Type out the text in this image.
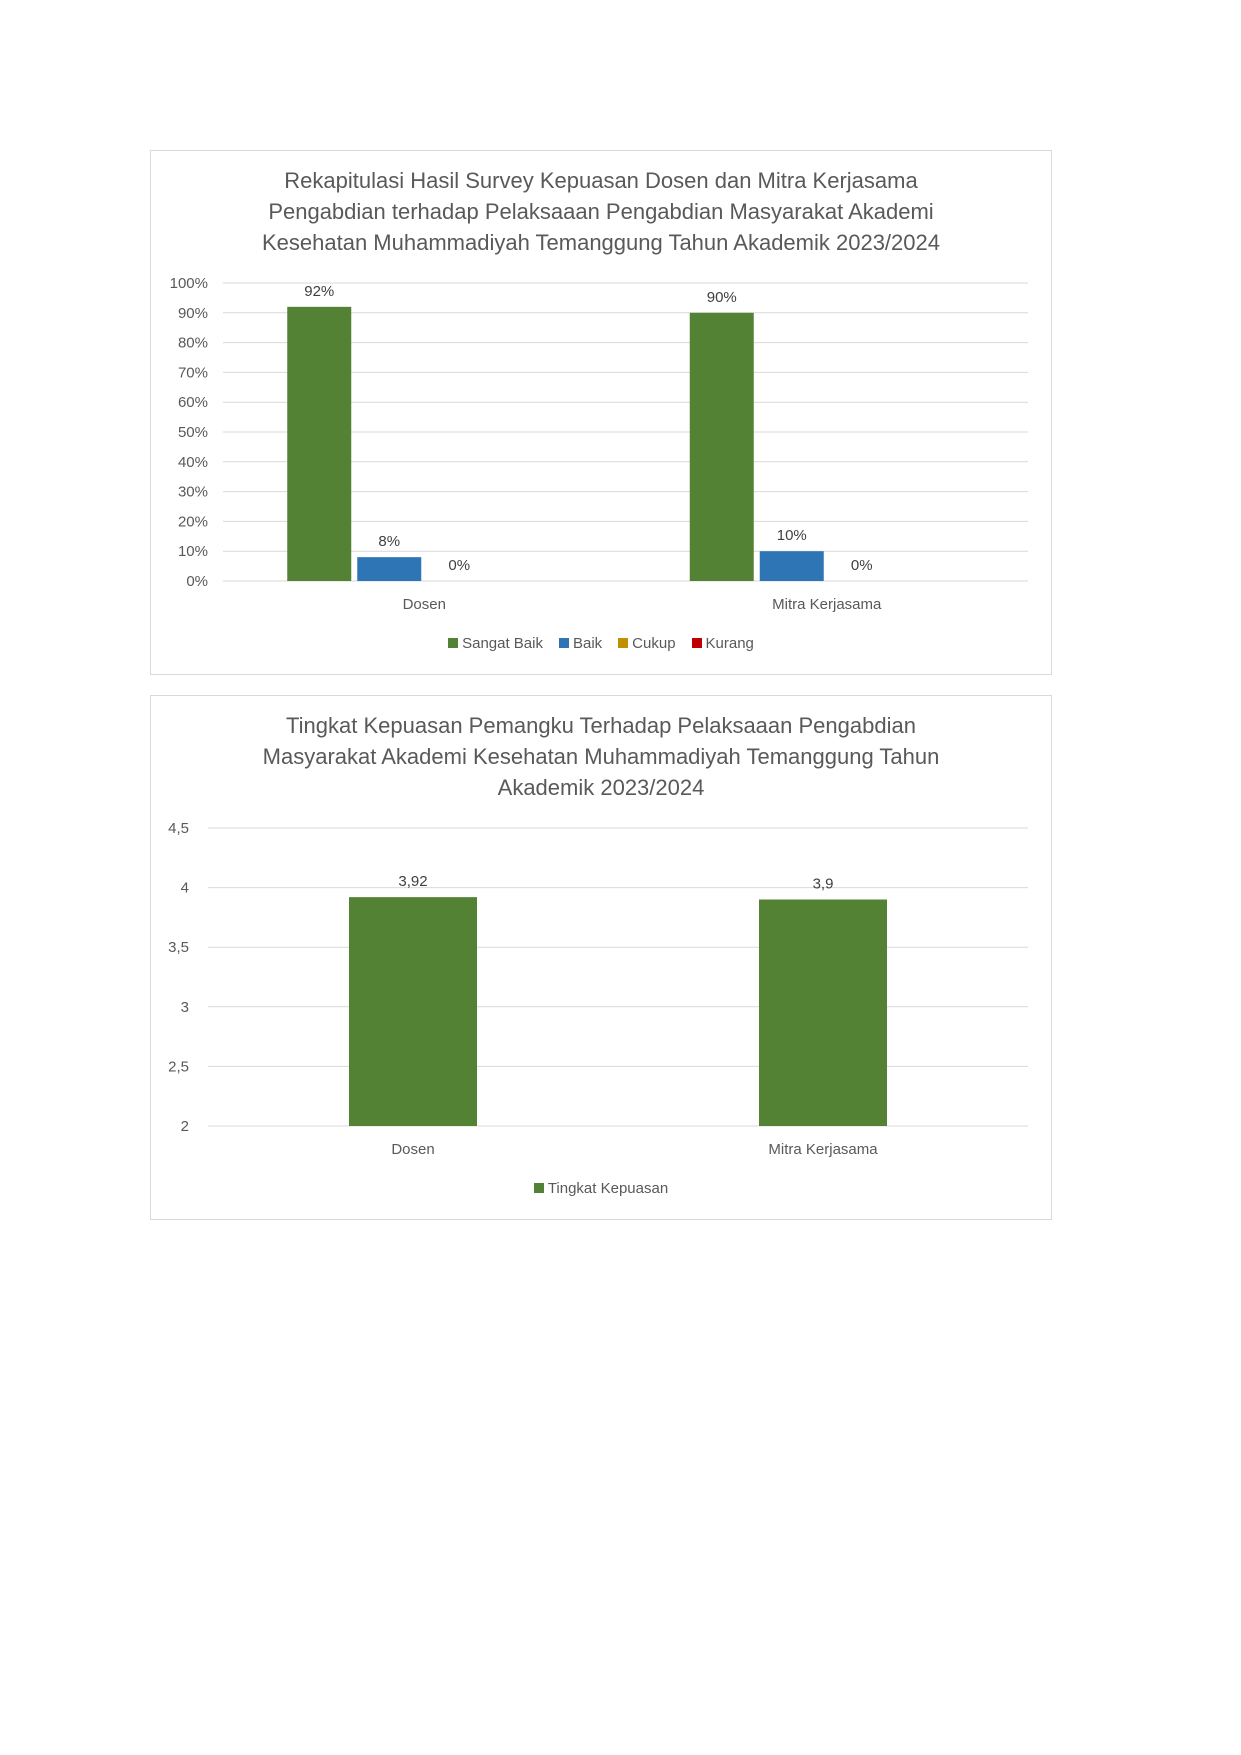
Rekapitulasi Hasil Survey Kepuasan Dosen dan Mitra Kerjasama
Pengabdian terhadap Pelaksaaan Pengabdian Masyarakat Akademi
Kesehatan Muhammadiyah Temanggung Tahun Akademik 2023/2024
0%
10%
20%
30%
40%
50%
60%
70%
80%
90%
100%
Dosen
92%
8%
0%
Mitra Kerjasama
90%
10%
0%
Sangat Baik Baik Cukup Kurang
Tingkat Kepuasan Pemangku Terhadap Pelaksaaan Pengabdian
Masyarakat Akademi Kesehatan Muhammadiyah Temanggung Tahun
Akademik 2023/2024
2
2,5
3
3,5
4
4,5
Dosen
3,92
Mitra Kerjasama
3,9
Tingkat Kepuasan
